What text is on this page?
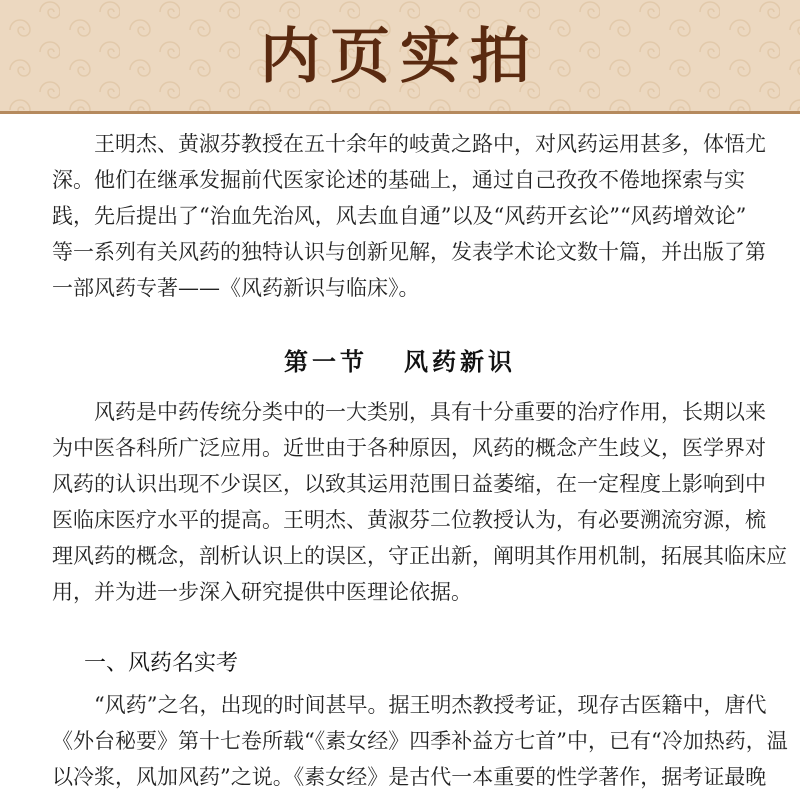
内页实拍

王明杰、黄淑芬教授在五十余年的岐黄之路中，对风药运用甚多，体悟尤
深。他们在继承发掘前代医家论述的基础上，通过自己孜孜不倦地探索与实
践，先后提出了“治血先治风，风去血自通”以及“风药开玄论”“风药增效论”
等一系列有关风药的独特认识与创新见解，发表学术论文数十篇，并出版了第
一部风药专著——《风药新识与临床》。

第一节 风药新识

风药是中药传统分类中的一大类别，具有十分重要的治疗作用，长期以来
为中医各科所广泛应用。近世由于各种原因，风药的概念产生歧义，医学界对
风药的认识出现不少误区，以致其运用范围日益萎缩，在一定程度上影响到中
医临床医疗水平的提高。王明杰、黄淑芬二位教授认为，有必要溯流穷源，梳
理风药的概念，剖析认识上的误区，守正出新，阐明其作用机制，拓展其临床应
用，并为进一步深入研究提供中医理论依据。

一、风药名实考

“风药”之名，出现的时间甚早。据王明杰教授考证，现存古医籍中，唐代
《外台秘要》第十七卷所载“《素女经》四季补益方七首”中，已有“冷加热药，温
以冷浆，风加风药”之说。《素女经》是古代一本重要的性学著作，据考证最晚
